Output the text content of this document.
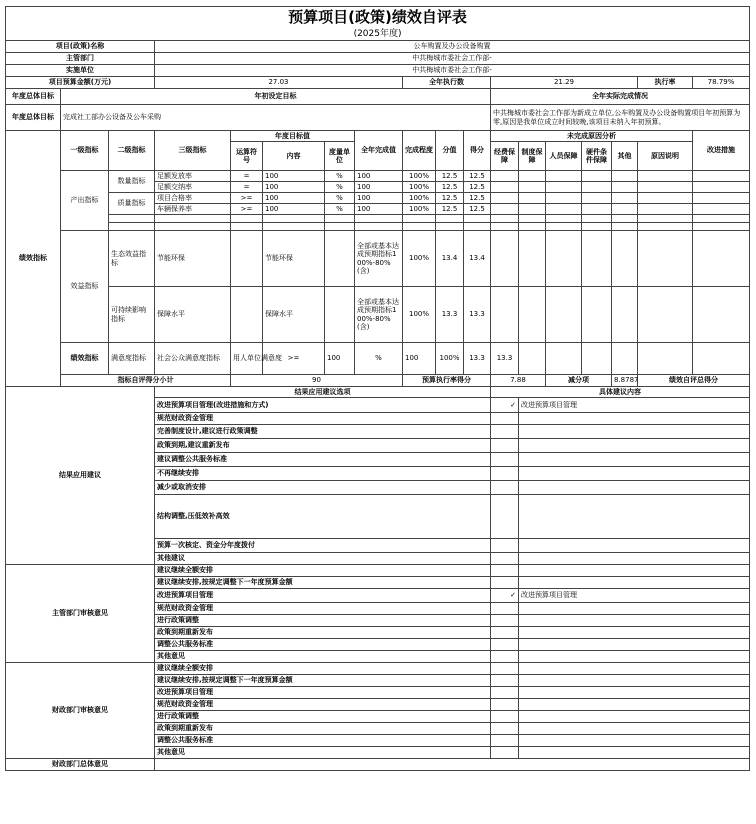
预算项目(政策)绩效自评表																		
(2025年度)																		
项目(政策)名称			公车购置及办公设备购置															
主管部门			中共梅城市委社会工作部-															
实施单位			中共梅城市委社会工作部-															
项目预算金额(万元)			27.03					全年执行数			21.29					执行率	78.79%	
年度总体目标	年初设定目标										全年实际完成情况							
年度总体目标	完成社工部办公设备及公车采购										中共梅城市委社会工作部为新成立单位,公车购置及办公设备购置项目年初预算为零,原因是我单位成立时间较晚,该项目未纳入年初预算。							
绩效指标	一级指标	二级指标	三级指标	年度目标值			全年完成值	完成程度	分值	得分	未完成原因分析						改进措施	
				运算符号	内容	度量单位					经费保障	制度保障	人员保障	硬件条件保障	其他	原因说明		
	产出指标	数量指标	足额发放率	=	100	%	100	100%	12.5	12.5								
			足额交纳率	=	100	%	100	100%	12.5	12.5								
		质量指标	项目合格率	>=	100	%	100	100%	12.5	12.5								
			车辆保养率	>=	100	%	100	100%	12.5	12.5								

	效益指标	生态效益指标	节能环保		节能环保		全部或基本达成预期指标100%-80%(含)	100%	13.4	13.4								
		可持续影响指标	保障水平		保障水平		全部或基本达成预期指标100%-80%(含)	100%	13.3	13.3								
	绩效指标	满意度指标	社会公众满意度指标	用人单位满意度	>=	100	%	100	100%	13.3	13.3							
	指标自评得分小计			90				预算执行率得分			7.88		减分项		8.8787	绩效自评总得分	
结果应用建议			结果应用建议选项								具体建议内容							
			改进预算项目管理(改进措施和方式)								✓	改进预算项目管理						
			规范财政资金管理															
			完善制度设计,建议进行政策调整															
			政策到期,建议重新发布															
			建议调整公共服务标准															
			不再继续安排															
			减少或取消安排															
			结构调整,压低效补高效															
			预算一次核定、资金分年度拨付															
			其他建议															
主管部门审核意见			建议继续全额安排															
			建议继续安排,按规定调整下一年度预算金额															
			改进预算项目管理								✓	改进预算项目管理						
			规范财政资金管理															
			进行政策调整															
			政策到期重新发布															
			调整公共服务标准															
			其他意见															
财政部门审核意见			建议继续全额安排															
			建议继续安排,按规定调整下一年度预算金额															
			改进预算项目管理															
			规范财政资金管理															
			进行政策调整															
			政策到期重新发布															
			调整公共服务标准															
			其他意见															
财政部门总体意见																		
